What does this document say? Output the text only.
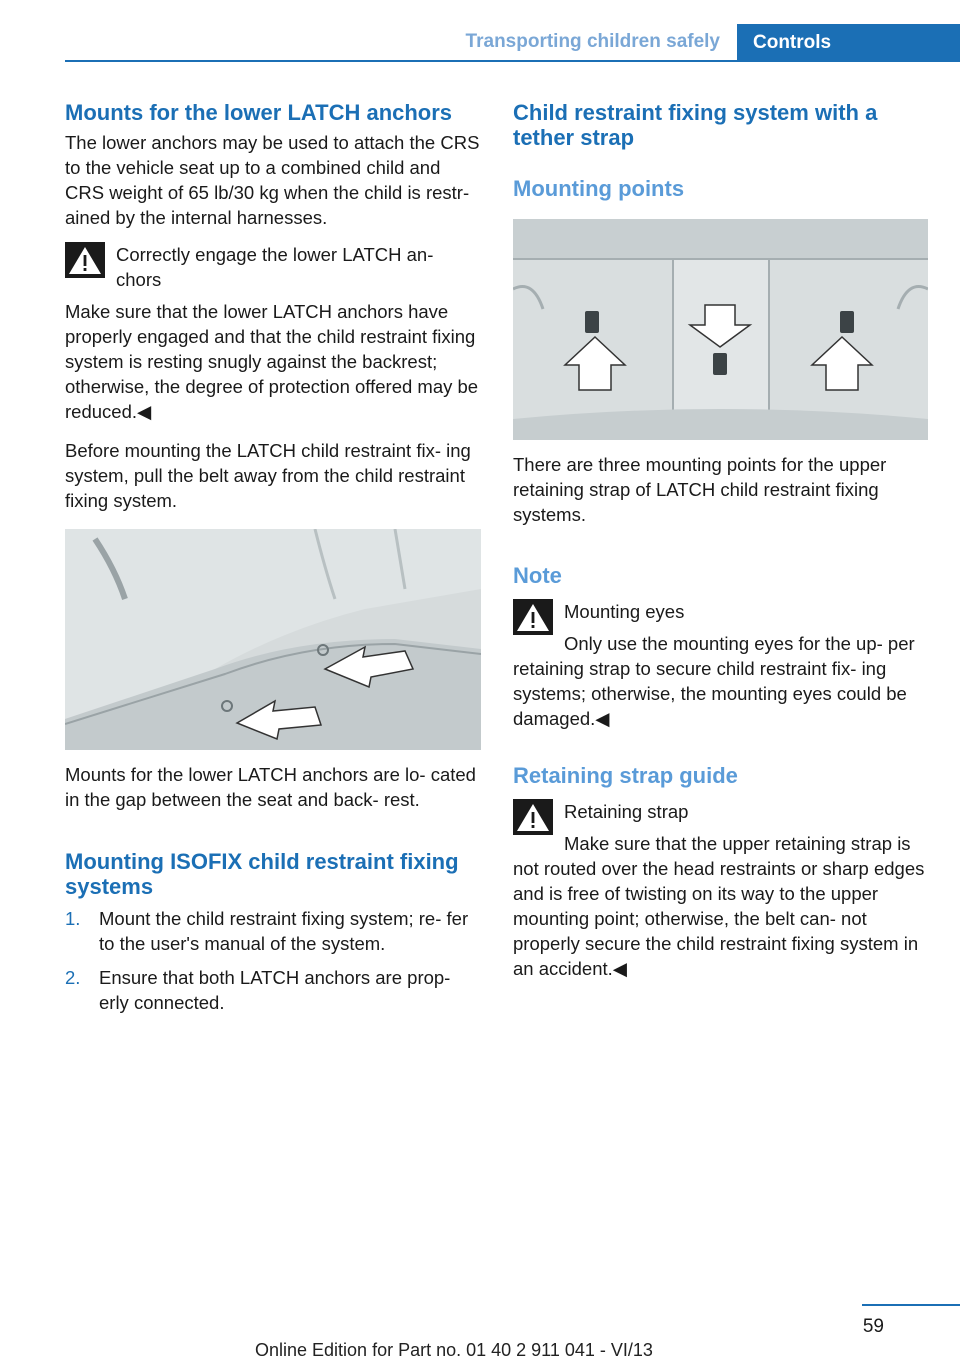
Transporting children safely	Controls
Mounts for the lower LATCH anchors

The lower anchors may be used to attach the CRS to the vehicle seat up to a combined child and CRS weight of 65 lb/30 kg when the child is restr‐ ained by the internal harnesses.

Correctly engage the lower LATCH an‐ chors

Make sure that the lower LATCH anchors have properly engaged and that the child restraint fixing system is resting snugly against the backrest; otherwise, the degree of protection offered may be reduced.◀

Before mounting the LATCH child restraint fix‐ ing system, pull the belt away from the child restraint fixing system.

Mounts for the lower LATCH anchors are lo‐ cated in the gap between the seat and back‐ rest.

Mounting ISOFIX child restraint fixing systems
1. Mount the child restraint fixing system; re‐ fer to the user's manual of the system.
2. Ensure that both LATCH anchors are prop‐ erly connected.
Child restraint fixing system with a tether strap
Mounting points

There are three mounting points for the upper retaining strap of LATCH child restraint fixing systems.

Note

Mounting eyes

Only use the mounting eyes for the up‐ per retaining strap to secure child restraint fix‐ ing systems; otherwise, the mounting eyes could be damaged.◀

Retaining strap guide

Retaining strap

Make sure that the upper retaining strap is not routed over the head restraints or sharp edges and is free of twisting on its way to the upper mounting point; otherwise, the belt can‐ not properly secure the child restraint fixing system in an accident.◀

59
Online Edition for Part no. 01 40 2 911 041 - VI/13
